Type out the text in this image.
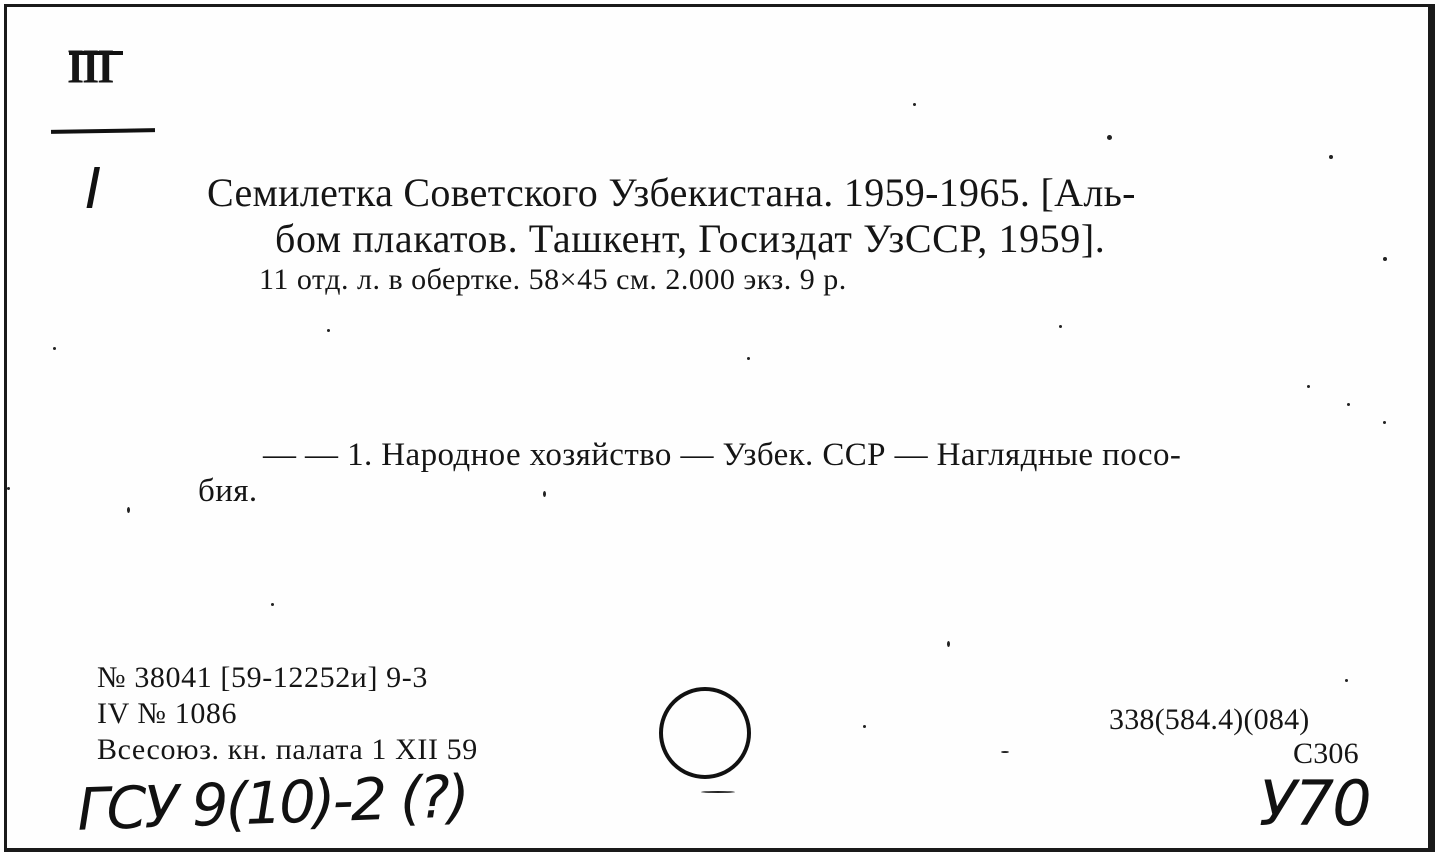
III
I	Семилетка Советского Узбекистана. 1959-1965. [Аль-
бом плакатов. Ташкент, Госиздат УзССР, 1959].
11 отд. л. в обертке. 58×45 см. 2.000 экз. 9 р.
— — 1. Народное хозяйство — Узбек. ССР — Наглядные посо-
бия.
№ 38041 [59-12252и] 9-3
IV № 1086
Всесоюз. кн. палата 1 XII 59
338(584.4)(084)
С306
ГСУ 9(10)-2 (?)	У70
